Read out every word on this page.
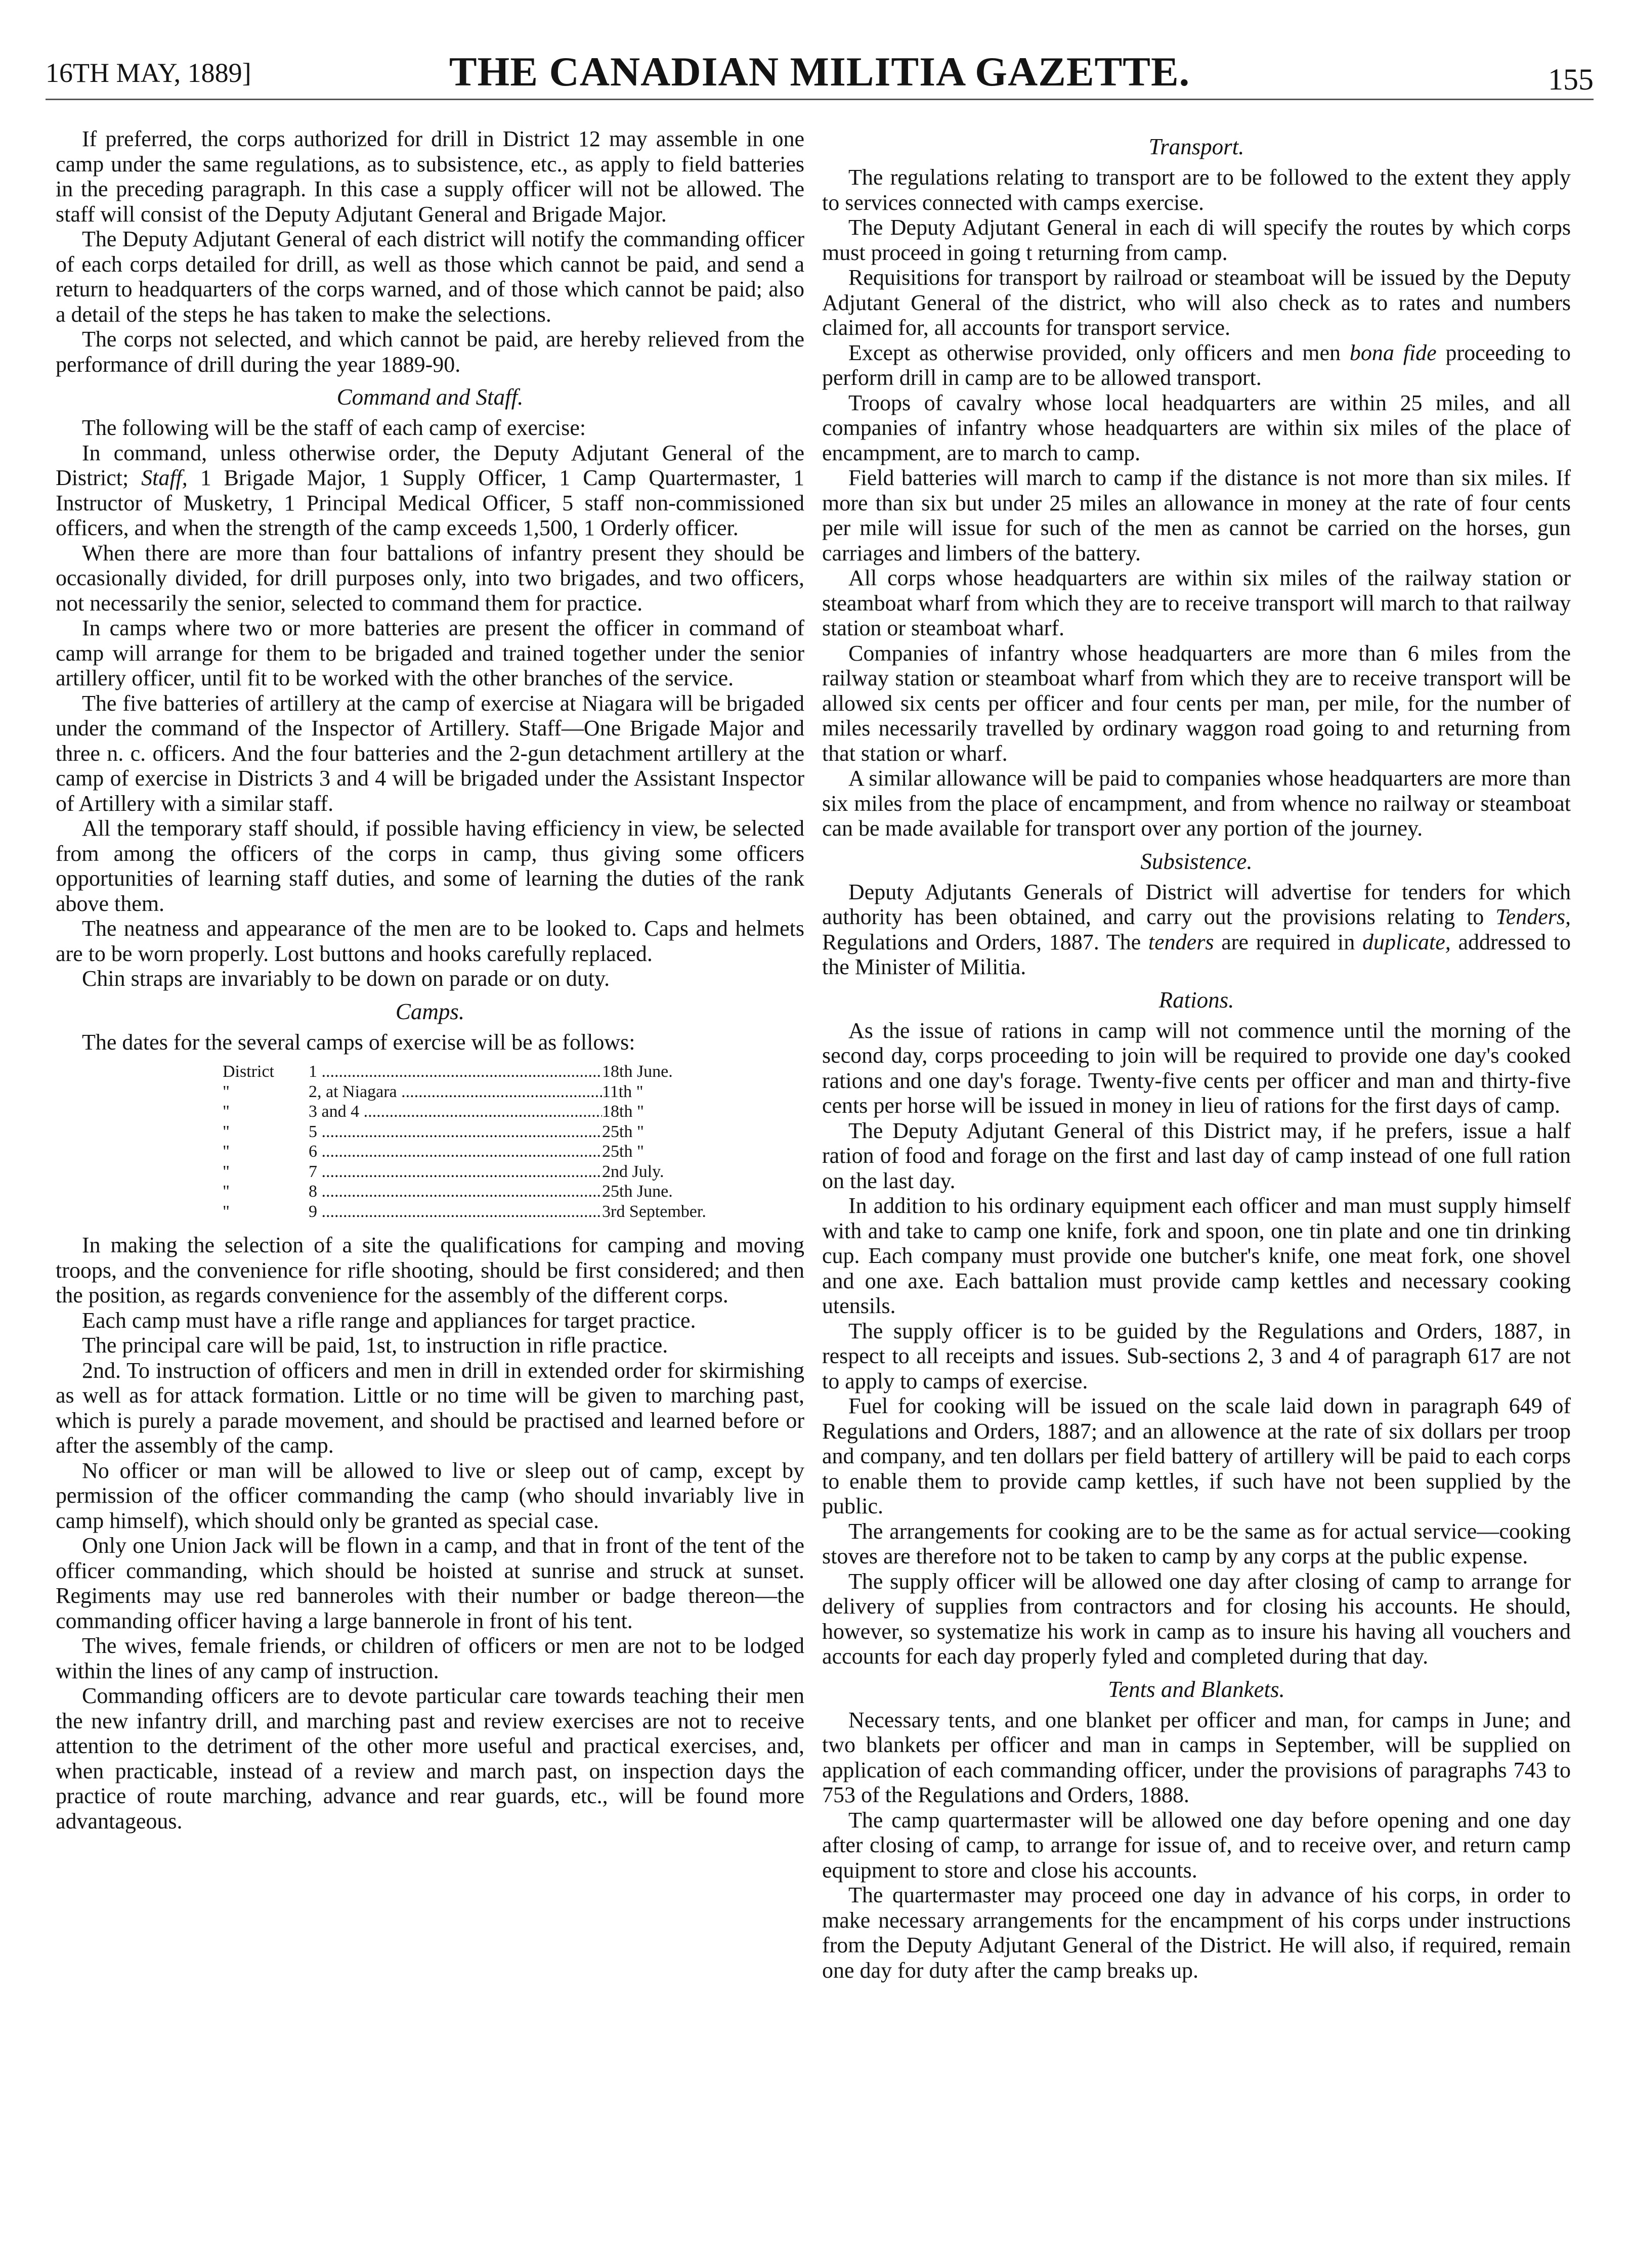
16TH MAY, 1889]	THE CANADIAN MILITIA GAZETTE.	155

If preferred, the corps authorized for drill in District 12 may assemble in one camp under the same regulations, as to subsistence, etc., as apply to field batteries in the preceding paragraph. In this case a supply officer will not be allowed. The staff will consist of the Deputy Adjutant General and Brigade Major.

The Deputy Adjutant General of each district will notify the commanding officer of each corps detailed for drill, as well as those which cannot be paid, and send a return to headquarters of the corps warned, and of those which cannot be paid; also a detail of the steps he has taken to make the selections.

The corps not selected, and which cannot be paid, are hereby relieved from the performance of drill during the year 1889-90.

Command and Staff.

The following will be the staff of each camp of exercise:

In command, unless otherwise order, the Deputy Adjutant General of the District; Staff, 1 Brigade Major, 1 Supply Officer, 1 Camp Quartermaster, 1 Instructor of Musketry, 1 Principal Medical Officer, 5 staff non-commissioned officers, and when the strength of the camp exceeds 1,500, 1 Orderly officer.

When there are more than four battalions of infantry present they should be occasionally divided, for drill purposes only, into two brigades, and two officers, not necessarily the senior, selected to command them for practice.

In camps where two or more batteries are present the officer in command of camp will arrange for them to be brigaded and trained together under the senior artillery officer, until fit to be worked with the other branches of the service.

The five batteries of artillery at the camp of exercise at Niagara will be brigaded under the command of the Inspector of Artillery. Staff—One Brigade Major and three n. c. officers. And the four batteries and the 2-gun detachment artillery at the camp of exercise in Districts 3 and 4 will be brigaded under the Assistant Inspector of Artillery with a similar staff.

All the temporary staff should, if possible having efficiency in view, be selected from among the officers of the corps in camp, thus giving some officers opportunities of learning staff duties, and some of learning the duties of the rank above them.

The neatness and appearance of the men are to be looked to. Caps and helmets are to be worn properly. Lost buttons and hooks carefully replaced.

Chin straps are invariably to be down on parade or on duty.

Camps.

The dates for the several camps of exercise will be as follows:

District	1 .....	18th June.
"	2, at Niagara .....	11th "
"	3 and 4 .....	18th "
"	5 .....	25th "
"	6 .....	25th "
"	7 .....	2nd July.
"	8 .....	25th June.
"	9 .....	3rd September.

In making the selection of a site the qualifications for camping and moving troops, and the convenience for rifle shooting, should be first considered; and then the position, as regards convenience for the assembly of the different corps.

Each camp must have a rifle range and appliances for target practice.

The principal care will be paid, 1st, to instruction in rifle practice.

2nd. To instruction of officers and men in drill in extended order for skirmishing as well as for attack formation. Little or no time will be given to marching past, which is purely a parade movement, and should be practised and learned before or after the assembly of the camp.

No officer or man will be allowed to live or sleep out of camp, except by permission of the officer commanding the camp (who should invariably live in camp himself), which should only be granted as special case.

Only one Union Jack will be flown in a camp, and that in front of the tent of the officer commanding, which should be hoisted at sunrise and struck at sunset. Regiments may use red banneroles with their number or badge thereon—the commanding officer having a large bannerole in front of his tent.

The wives, female friends, or children of officers or men are not to be lodged within the lines of any camp of instruction.

Commanding officers are to devote particular care towards teaching their men the new infantry drill, and marching past and review exercises are not to receive attention to the detriment of the other more useful and practical exercises, and, when practicable, instead of a review and march past, on inspection days the practice of route marching, advance and rear guards, etc., will be found more advantageous.

Transport.

The regulations relating to transport are to be followed to the extent they apply to services connected with camps exercise.

The Deputy Adjutant General in each di will specify the routes by which corps must proceed in going t returning from camp.

Requisitions for transport by railroad or steamboat will be issued by the Deputy Adjutant General of the district, who will also check as to rates and numbers claimed for, all accounts for transport service.

Except as otherwise provided, only officers and men bona fide proceeding to perform drill in camp are to be allowed transport.

Troops of cavalry whose local headquarters are within 25 miles, and all companies of infantry whose headquarters are within six miles of the place of encampment, are to march to camp.

Field batteries will march to camp if the distance is not more than six miles. If more than six but under 25 miles an allowance in money at the rate of four cents per mile will issue for such of the men as cannot be carried on the horses, gun carriages and limbers of the battery.

All corps whose headquarters are within six miles of the railway station or steamboat wharf from which they are to receive transport will march to that railway station or steamboat wharf.

Companies of infantry whose headquarters are more than 6 miles from the railway station or steamboat wharf from which they are to receive transport will be allowed six cents per officer and four cents per man, per mile, for the number of miles necessarily travelled by ordinary waggon road going to and returning from that station or wharf.

A similar allowance will be paid to companies whose headquarters are more than six miles from the place of encampment, and from whence no railway or steamboat can be made available for transport over any portion of the journey.

Subsistence.

Deputy Adjutants Generals of District will advertise for tenders for which authority has been obtained, and carry out the provisions relating to Tenders, Regulations and Orders, 1887. The tenders are required in duplicate, addressed to the Minister of Militia.

Rations.

As the issue of rations in camp will not commence until the morning of the second day, corps proceeding to join will be required to provide one day's cooked rations and one day's forage. Twenty-five cents per officer and man and thirty-five cents per horse will be issued in money in lieu of rations for the first days of camp.

The Deputy Adjutant General of this District may, if he prefers, issue a half ration of food and forage on the first and last day of camp instead of one full ration on the last day.

In addition to his ordinary equipment each officer and man must supply himself with and take to camp one knife, fork and spoon, one tin plate and one tin drinking cup. Each company must provide one butcher's knife, one meat fork, one shovel and one axe. Each battalion must provide camp kettles and necessary cooking utensils.

The supply officer is to be guided by the Regulations and Orders, 1887, in respect to all receipts and issues. Sub-sections 2, 3 and 4 of paragraph 617 are not to apply to camps of exercise.

Fuel for cooking will be issued on the scale laid down in paragraph 649 of Regulations and Orders, 1887; and an allowence at the rate of six dollars per troop and company, and ten dollars per field battery of artillery will be paid to each corps to enable them to provide camp kettles, if such have not been supplied by the public.

The arrangements for cooking are to be the same as for actual service—cooking stoves are therefore not to be taken to camp by any corps at the public expense.

The supply officer will be allowed one day after closing of camp to arrange for delivery of supplies from contractors and for closing his accounts. He should, however, so systematize his work in camp as to insure his having all vouchers and accounts for each day properly fyled and completed during that day.

Tents and Blankets.

Necessary tents, and one blanket per officer and man, for camps in June; and two blankets per officer and man in camps in September, will be supplied on application of each commanding officer, under the provisions of paragraphs 743 to 753 of the Regulations and Orders, 1888.

The camp quartermaster will be allowed one day before opening and one day after closing of camp, to arrange for issue of, and to receive over, and return camp equipment to store and close his accounts.

The quartermaster may proceed one day in advance of his corps, in order to make necessary arrangements for the encampment of his corps under instructions from the Deputy Adjutant General of the District. He will also, if required, remain one day for duty after the camp breaks up.
